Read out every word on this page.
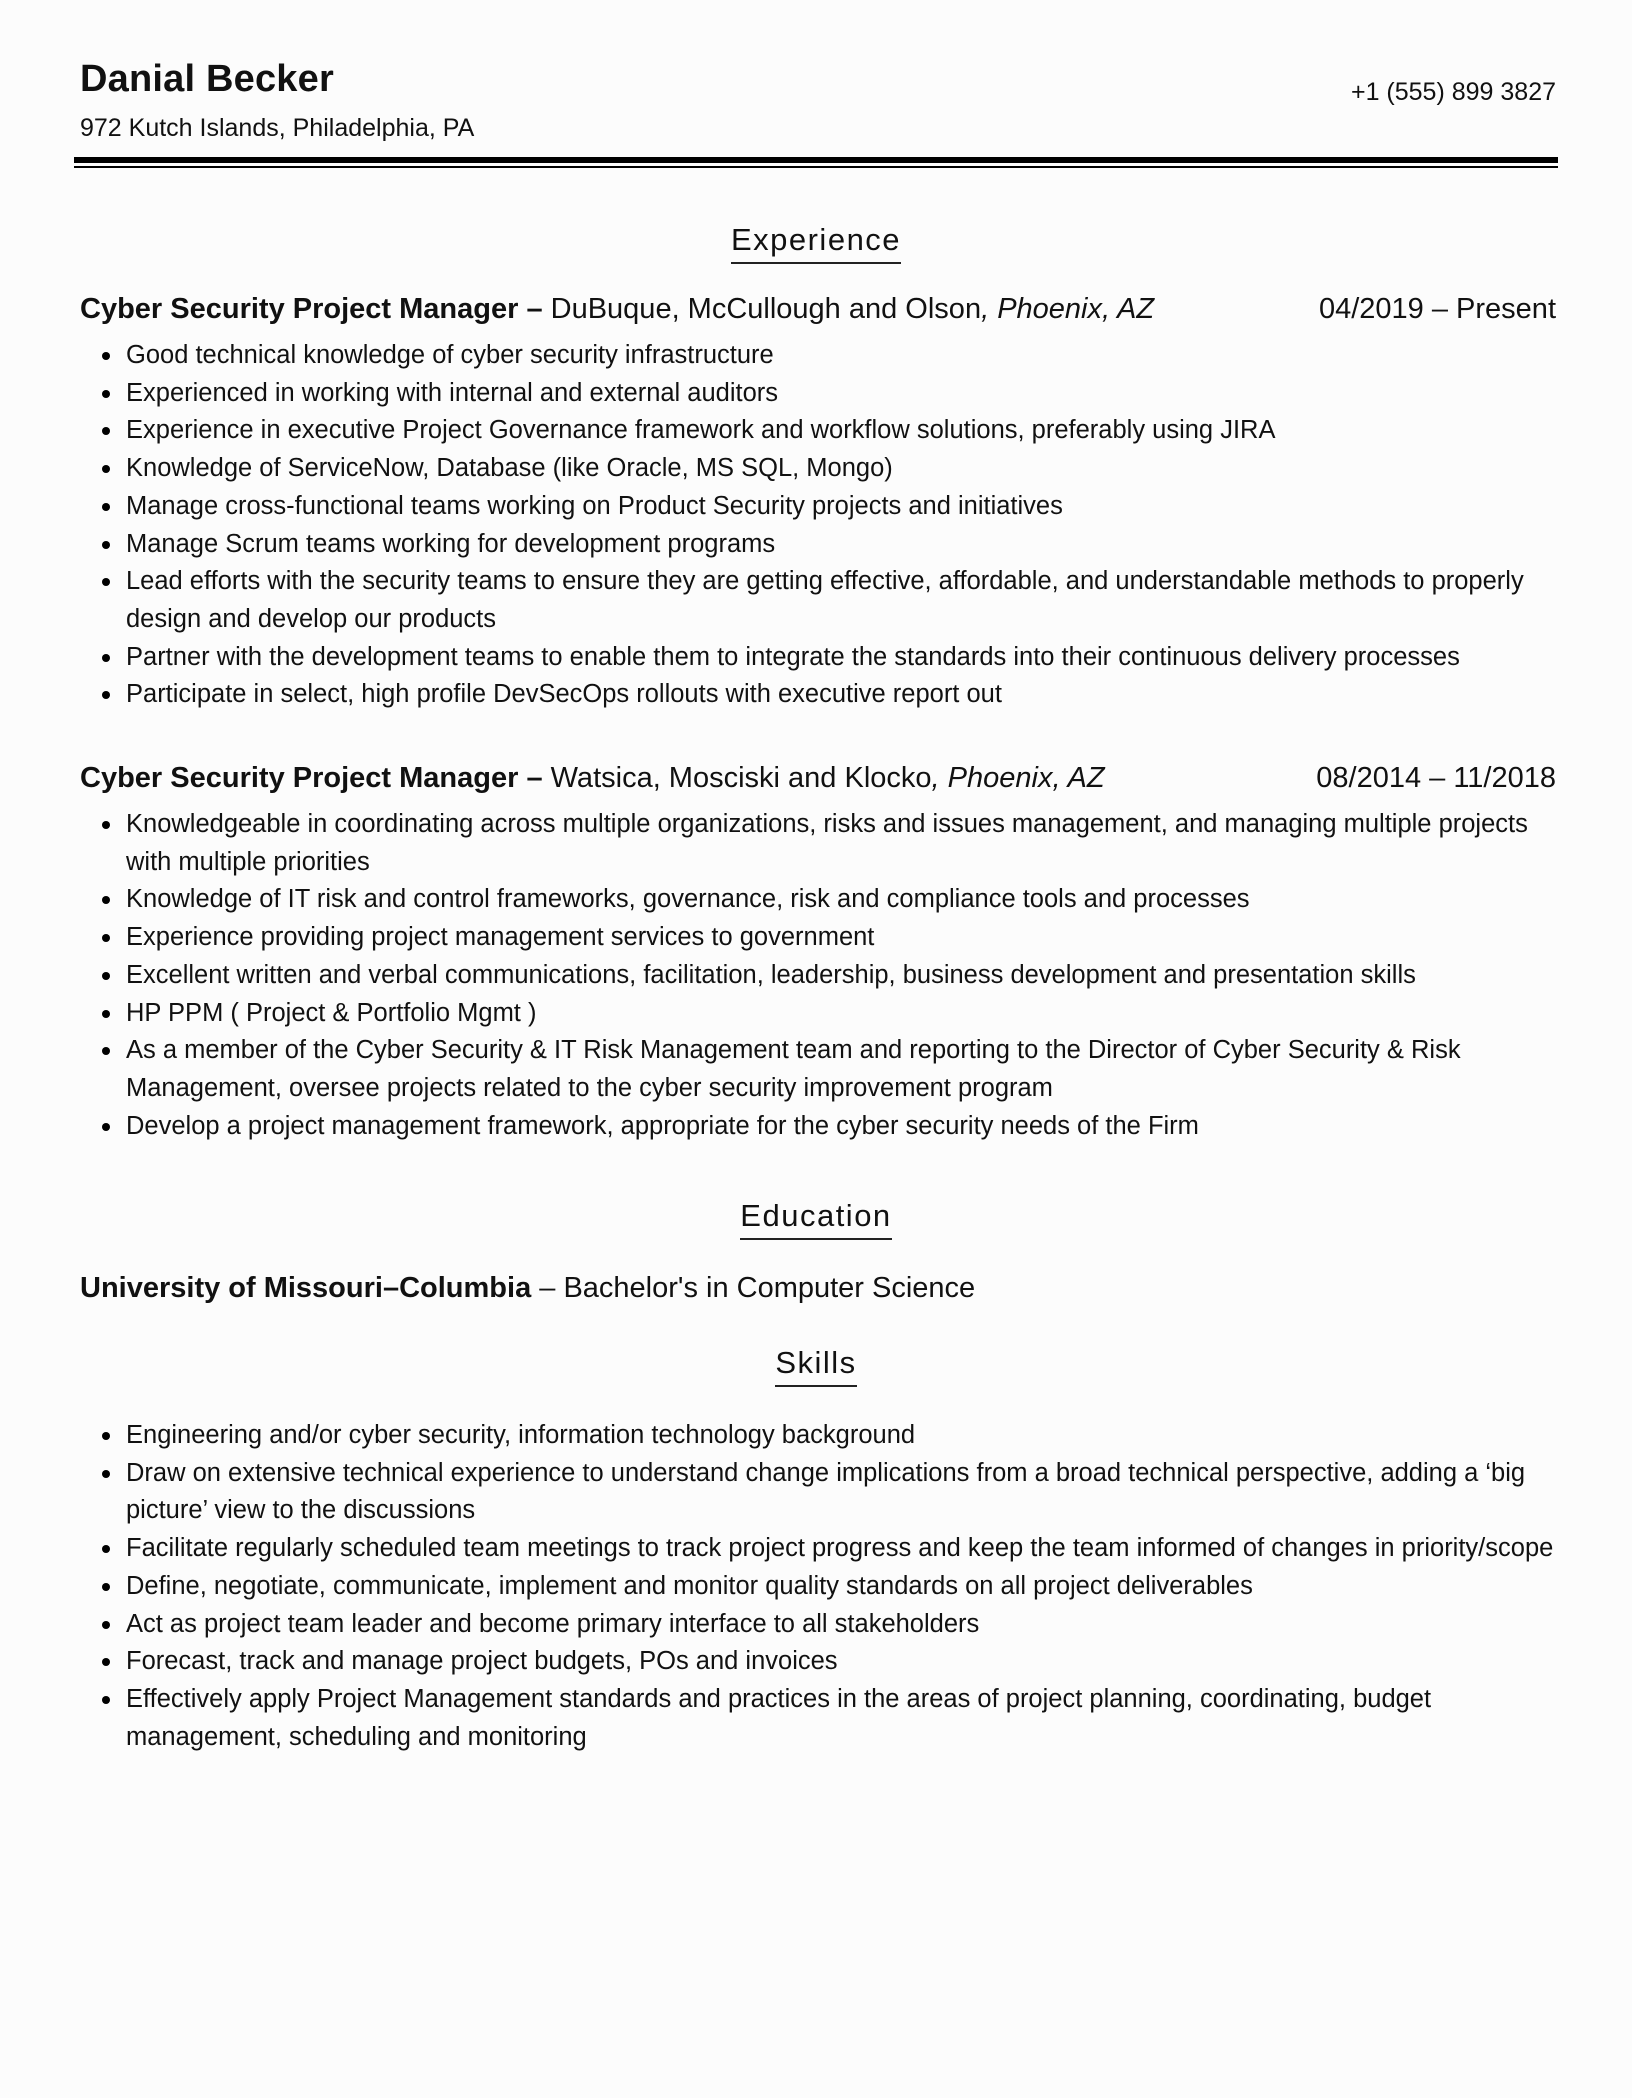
Danial Becker
972 Kutch Islands, Philadelphia, PA
+1 (555) 899 3827
Experience
Cyber Security Project Manager – DuBuque, McCullough and Olson, Phoenix, AZ	04/2019 – Present
Good technical knowledge of cyber security infrastructure
Experienced in working with internal and external auditors
Experience in executive Project Governance framework and workflow solutions, preferably using JIRA
Knowledge of ServiceNow, Database (like Oracle, MS SQL, Mongo)
Manage cross-functional teams working on Product Security projects and initiatives
Manage Scrum teams working for development programs
Lead efforts with the security teams to ensure they are getting effective, affordable, and understandable methods to properly design and develop our products
Partner with the development teams to enable them to integrate the standards into their continuous delivery processes
Participate in select, high profile DevSecOps rollouts with executive report out
Cyber Security Project Manager – Watsica, Mosciski and Klocko, Phoenix, AZ	08/2014 – 11/2018
Knowledgeable in coordinating across multiple organizations, risks and issues management, and managing multiple projects with multiple priorities
Knowledge of IT risk and control frameworks, governance, risk and compliance tools and processes
Experience providing project management services to government
Excellent written and verbal communications, facilitation, leadership, business development and presentation skills
HP PPM ( Project & Portfolio Mgmt )
As a member of the Cyber Security & IT Risk Management team and reporting to the Director of Cyber Security & Risk Management, oversee projects related to the cyber security improvement program
Develop a project management framework, appropriate for the cyber security needs of the Firm
Education
University of Missouri–Columbia – Bachelor's in Computer Science
Skills
Engineering and/or cyber security, information technology background
Draw on extensive technical experience to understand change implications from a broad technical perspective, adding a ‘big picture’ view to the discussions
Facilitate regularly scheduled team meetings to track project progress and keep the team informed of changes in priority/scope
Define, negotiate, communicate, implement and monitor quality standards on all project deliverables
Act as project team leader and become primary interface to all stakeholders
Forecast, track and manage project budgets, POs and invoices
Effectively apply Project Management standards and practices in the areas of project planning, coordinating, budget management, scheduling and monitoring
